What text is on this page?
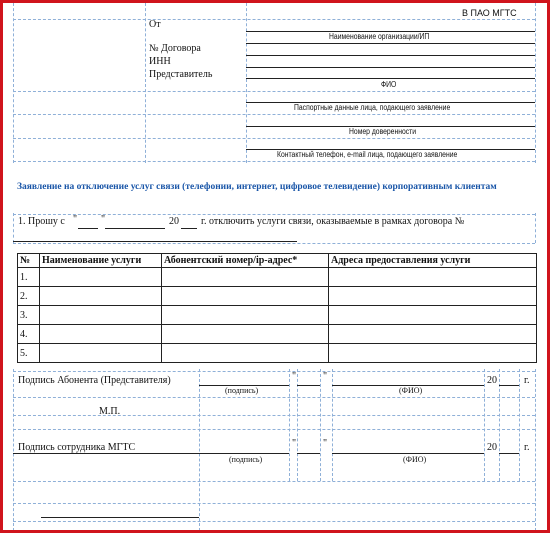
В ПАО МГТС
От
Наименование организации/ИП
№ Договора
ИНН
Представитель
ФИО
Паспортные данные лица, подающего заявление
Номер доверенности
Контактный телефон, e-mail лица, подающего заявление
Заявление на отключение услуг связи (телефонии, интернет, цифровое телевидение) корпоративным клиентам
1. Прошу с " "	20 г. отключить услуги связи, оказываемые в рамках договора №
№	Наименование услуги	Абонентский номер/ip-адрес*	Адреса предоставления услуги
1.			
2.			
3.			
4.			
5.			
Подпись Абонента (Представителя)	"	"	20	г.
(подпись)	(ФИО)
М.П.
Подпись сотрудника МГТС	"	"	20	г.
(подпись)	(ФИО)
